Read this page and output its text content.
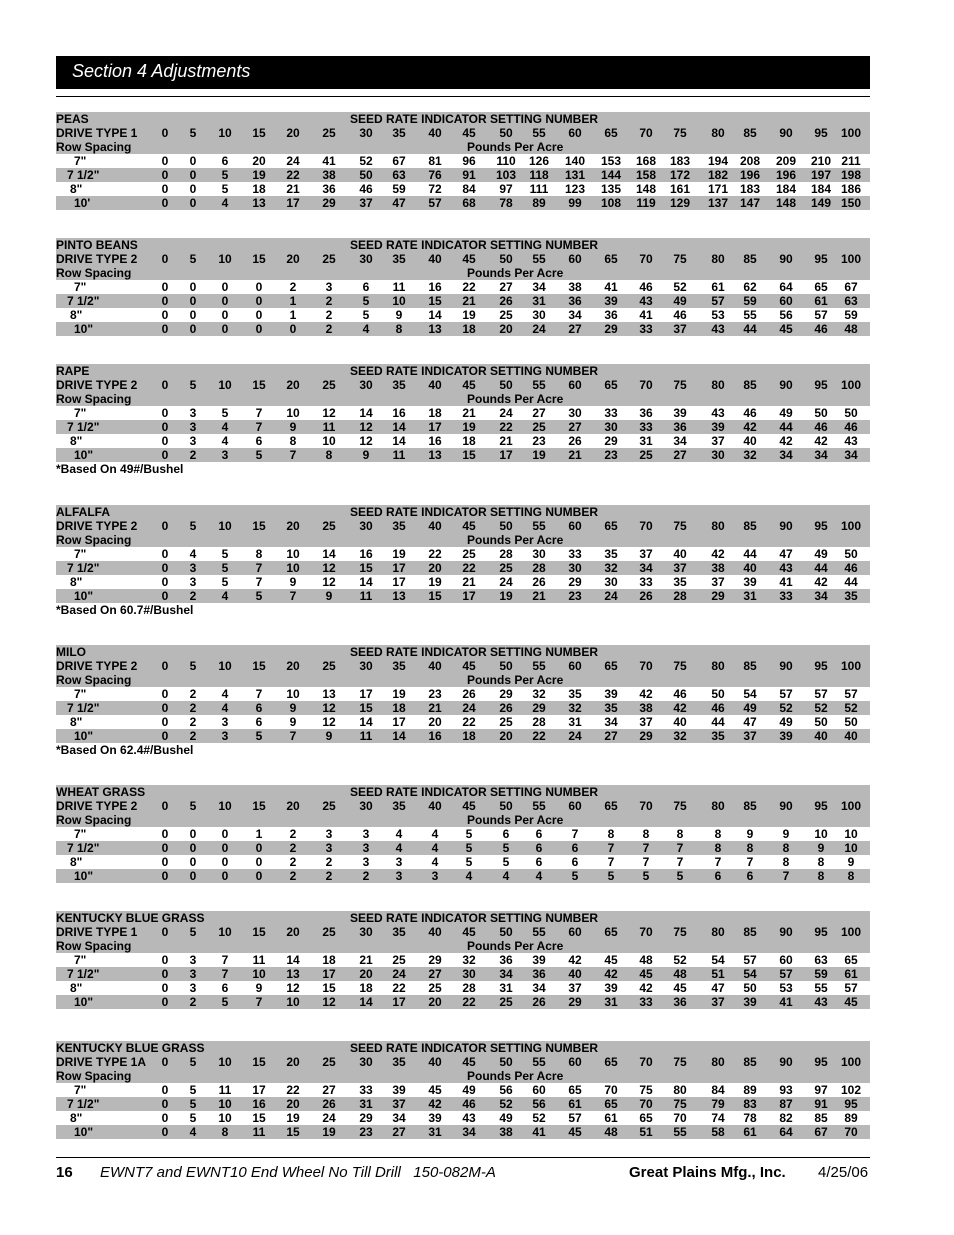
Section 4 Adjustments
PEAS	SEED RATE INDICATOR SETTING NUMBER
DRIVE TYPE 1 0 5 10 15 20 25 30 35 40 45 50 55 60 65 70 75 80 85 90 95 100
Row Spacing	Pounds Per Acre
7"	0 0 6 20 24 41 52 67 81 96 110 126 140 153 168 183 194 208 209 210 211
7 1/2"	0 0 5 19 22 38 50 63 76 91 103 118 131 144 158 172 182 196 196 197 198
8"	0 0 5 18 21 36 46 59 72 84 97 111 123 135 148 161 171 183 184 184 186
10'	0 0 4 13 17 29 37 47 57 68 78 89 99 108 119 129 137 147 148 149 150
PINTO BEANS	SEED RATE INDICATOR SETTING NUMBER
DRIVE TYPE 2 0 5 10 15 20 25 30 35 40 45 50 55 60 65 70 75 80 85 90 95 100
Row Spacing	Pounds Per Acre
7"	0 0 0 0 2 3	6 11 16 22 27 34 38 41 46 52 61 62 64 65 67
7 1/2"	0 0 0 0 1 2	5 10 15 21 26 31 36 39 43 49 57 59 60 61 63
8"	0 0 0 0 1 2	5 9 14 19 25 30 34 36 41 46 53 55 56 57 59
10"	0 0 0 0 0 2	4 8 13 18 20 24 27 29 33 37 43 44 45 46 48
RAPE	SEED RATE INDICATOR SETTING NUMBER
DRIVE TYPE 2 0 5 10 15 20 25 30 35 40 45 50 55 60 65 70 75 80 85 90 95 100
Row Spacing	Pounds Per Acre
7"	0 3 5 7 10 12 14 16 18 21 24 27 30 33 36 39 43 46 49 50 50
7 1/2"	0 3 4 7 9 11 12 14 17 19 22 25 27 30 33 36 39 42 44 46 46
8"	0 3 4 6 8 10 12 14 16 18 21 23 26 29 31 34 37 40 42 42 43
10"	0 2 3 5 7 8	9 11 13 15 17 19 21 23 25 27 30 32 34 34 34
*Based On 49#/Bushel
ALFALFA	SEED RATE INDICATOR SETTING NUMBER
DRIVE TYPE 2 0 5 10 15 20 25 30 35 40 45 50 55 60 65 70 75 80 85 90 95 100
Row Spacing	Pounds Per Acre
7"	0 4 5 8 10 14 16 19 22 25 28 30 33 35 37 40 42 44 47 49 50
7 1/2"	0 3 5 7 10 12 15 17 20 22 25 28 30 32 34 37 38 40 43 44 46
8"	0 3 5 7 9 12 14 17 19 21 24 26 29 30 33 35 37 39 41 42 44
10"	0 2 4 5 7 9 11 13 15 17 19 21 23 24 26 28 29 31 33 34 35
*Based On 60.7#/Bushel
MILO	SEED RATE INDICATOR SETTING NUMBER
DRIVE TYPE 2 0 5 10 15 20 25 30 35 40 45 50 55 60 65 70 75 80 85 90 95 100
Row Spacing	Pounds Per Acre
7"	0 2 4 7 10 13 17 19 23 26 29 32 35 39 42 46 50 54 57 57 57
7 1/2"	0 2 4 6 9 12 15 18 21 24 26 29 32 35 38 42 46 49 52 52 52
8"	0 2 3 6 9 12 14 17 20 22 25 28 31 34 37 40 44 47 49 50 50
10"	0 2 3 5 7 9 11 14 16 18 20 22 24 27 29 32 35 37 39 40 40
*Based On 62.4#/Bushel
WHEAT GRASS	SEED RATE INDICATOR SETTING NUMBER
DRIVE TYPE 2 0 5 10 15 20 25 30 35 40 45 50 55 60 65 70 75 80 85 90 95 100
Row Spacing	Pounds Per Acre
7"	0 0 0 1 2 3	3 4 4 5	6 6 7 8 8 8	8 9 9 10 10
7 1/2"	0 0 0 0 2 3	3 4 4 5	5 6 6 7 7 7	8 8 8 9 10
8"	0 0 0 0 2 2	3 3 4 5	5 6 6 7 7 7	7 7 8 8 9
10"	0 0 0 0 2 2	2 3 3 4	4 4 5 5 5 5	6 6 7 8 8
KENTUCKY BLUE GRASS	SEED RATE INDICATOR SETTING NUMBER
DRIVE TYPE 1 0 5 10 15 20 25 30 35 40 45 50 55 60 65 70 75 80 85 90 95 100
Row Spacing	Pounds Per Acre
7"	0 3 7 11 14 18 21 25 29 32 36 39 42 45 48 52 54 57 60 63 65
7 1/2"	0 3 7 10 13 17 20 24 27 30 34 36 40 42 45 48 51 54 57 59 61
8"	0 3 6 9 12 15 18 22 25 28 31 34 37 39 42 45 47 50 53 55 57
10"	0 2 5 7 10 12 14 17 20 22 25 26 29 31 33 36 37 39 41 43 45
KENTUCKY BLUE GRASS	SEED RATE INDICATOR SETTING NUMBER
DRIVE TYPE 1A 0 5 10 15 20 25 30 35 40 45 50 55 60 65 70 75 80 85 90 95 100
Row Spacing	Pounds Per Acre
7"	0 5 11 17 22 27 33 39 45 49 56 60 65 70 75 80 84 89 93 97 102
7 1/2"	0 5 10 16 20 26 31 37 42 46 52 56 61 65 70 75 79 83 87 91 95
8"	0 5 10 15 19 24 29 34 39 43 49 52 57 61 65 70 74 78 82 85 89
10"	0 4 8 11 15 19 23 27 31 34 38 41 45 48 51 55 58 61 64 67 70
16 EWNT7 and EWNT10 End Wheel No Till Drill   150-082M-A	Great Plains Mfg., Inc. 4/25/06
